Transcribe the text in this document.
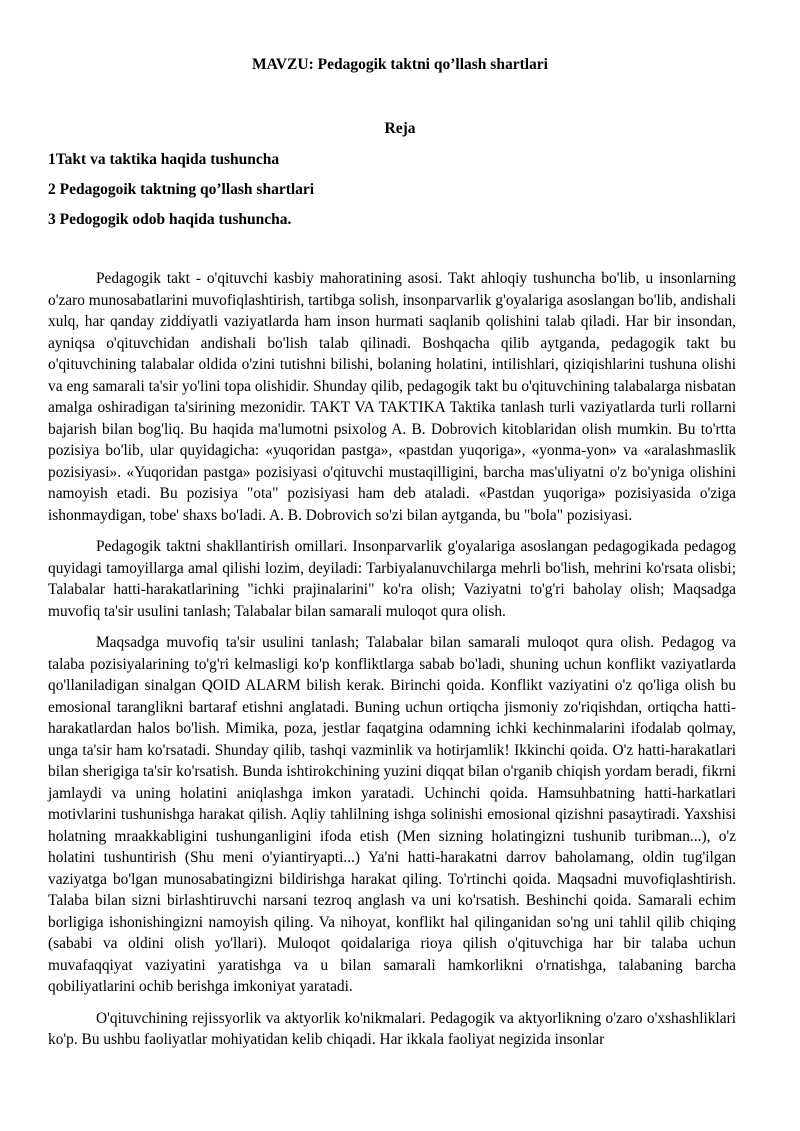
MAVZU: Pedagogik taktni qo’llash shartlari
Reja
1Takt va taktika haqida tushuncha
2 Pedagogoik taktning qo’llash shartlari
3 Pedogogik odob haqida tushuncha.

Pedagogik takt - o'qituvchi kasbiy mahoratining asosi. Takt ahloqiy tushuncha bo'lib, u insonlarning o'zaro munosabatlarini muvofiqlashtirish, tartibga solish, insonparvarlik g'oyalariga asoslangan bo'lib, andishali xulq, har qanday ziddiyatli vaziyatlarda ham inson hurmati saqlanib qolishini talab qiladi. Har bir insondan, ayniqsa o'qituvchidan andishali bo'lish talab qilinadi. Boshqacha qilib aytganda, pedagogik takt bu o'qituvchining talabalar oldida o'zini tutishni bilishi, bolaning holatini, intilishlari, qiziqishlarini tushuna olishi va eng samarali ta'sir yo'lini topa olishidir. Shunday qilib, pedagogik takt bu o'qituvchining talabalarga nisbatan amalga oshiradigan ta'sirining mezonidir. TAKT VA TAKTIKA Taktika tanlash turli vaziyatlarda turli rollarni bajarish bilan bog'liq. Bu haqida ma'lumotni psixolog A. B. Dobrovich kitoblaridan olish mumkin. Bu to'rtta pozisiya bo'lib, ular quyidagicha: «yuqoridan pastga», «pastdan yuqoriga», «yonma-yon» va «aralashmaslik pozisiyasi». «Yuqoridan pastga» pozisiyasi o'qituvchi mustaqilligini, barcha mas'uliyatni o'z bo'yniga olishini namoyish etadi. Bu pozisiya "ota" pozisiyasi ham deb ataladi. «Pastdan yuqoriga» pozisiyasida o'ziga ishonmaydigan, tobe' shaxs bo'ladi. A. B. Dobrovich so'zi bilan aytganda, bu "bola" pozisiyasi.

Pedagogik taktni shakllantirish omillari. Insonparvarlik g'oyalariga asoslangan pedagogikada pedagog quyidagi tamoyillarga amal qilishi lozim, deyiladi: Tarbiyalanuvchilarga mehrli bo'lish, mehrini ko'rsata olisbi; Talabalar hatti-harakatlarining "ichki prajinalarini" ko'ra olish; Vaziyatni to'g'ri baholay olish; Maqsadga muvofiq ta'sir usulini tanlash; Talabalar bilan samarali muloqot qura olish.

Maqsadga muvofiq ta'sir usulini tanlash; Talabalar bilan samarali muloqot qura olish. Pedagog va talaba pozisiyalarining to'g'ri kelmasligi ko'p konfliktlarga sabab bo'ladi, shuning uchun konflikt vaziyatlarda qo'llaniladigan sinalgan QOID ALARM bilish kerak. Birinchi qoida. Konflikt vaziyatini o'z qo'liga olish bu emosional taranglikni bartaraf etishni anglatadi. Buning uchun ortiqcha jismoniy zo'riqishdan, ortiqcha hatti-harakatlardan halos bo'lish. Mimika, poza, jestlar faqatgina odamning ichki kechinmalarini ifodalab qolmay, unga ta'sir ham ko'rsatadi. Shunday qilib, tashqi vazminlik va hotirjamlik! Ikkinchi qoida. O'z hatti-harakatlari bilan sherigiga ta'sir ko'rsatish. Bunda ishtirokchining yuzini diqqat bilan o'rganib chiqish yordam beradi, fikrni jamlaydi va uning holatini aniqlashga imkon yaratadi. Uchinchi qoida. Hamsuhbatning hatti-harkatlari motivlarini tushunishga harakat qilish. Aqliy tahlilning ishga solinishi emosional qizishni pasaytiradi. Yaxshisi holatning mraakkabligini tushunganligini ifoda etish (Men sizning holatingizni tushunib turibman...), o'z holatini tushuntirish (Shu meni o'yiantiryapti...) Ya'ni hatti-harakatni darrov baholamang, oldin tug'ilgan vaziyatga bo'lgan munosabatingizni bildirishga harakat qiling. To'rtinchi qoida. Maqsadni muvofiqlashtirish. Talaba bilan sizni birlashtiruvchi narsani tezroq anglash va uni ko'rsatish. Beshinchi qoida. Samarali echim borligiga ishonishingizni namoyish qiling. Va nihoyat, konflikt hal qilinganidan so'ng uni tahlil qilib chiqing (sababi va oldini olish yo'llari). Muloqot qoidalariga rioya qilish o'qituvchiga har bir talaba uchun muvafaqqiyat vaziyatini yaratishga va u bilan samarali hamkorlikni o'rnatishga, talabaning barcha qobiliyatlarini ochib berishga imkoniyat yaratadi.

O'qituvchining rejissyorlik va aktyorlik ko'nikmalari. Pedagogik va aktyorlikning o'zaro o'xshashliklari ko'p. Bu ushbu faoliyatlar mohiyatidan kelib chiqadi. Har ikkala faoliyat negizida insonlar
